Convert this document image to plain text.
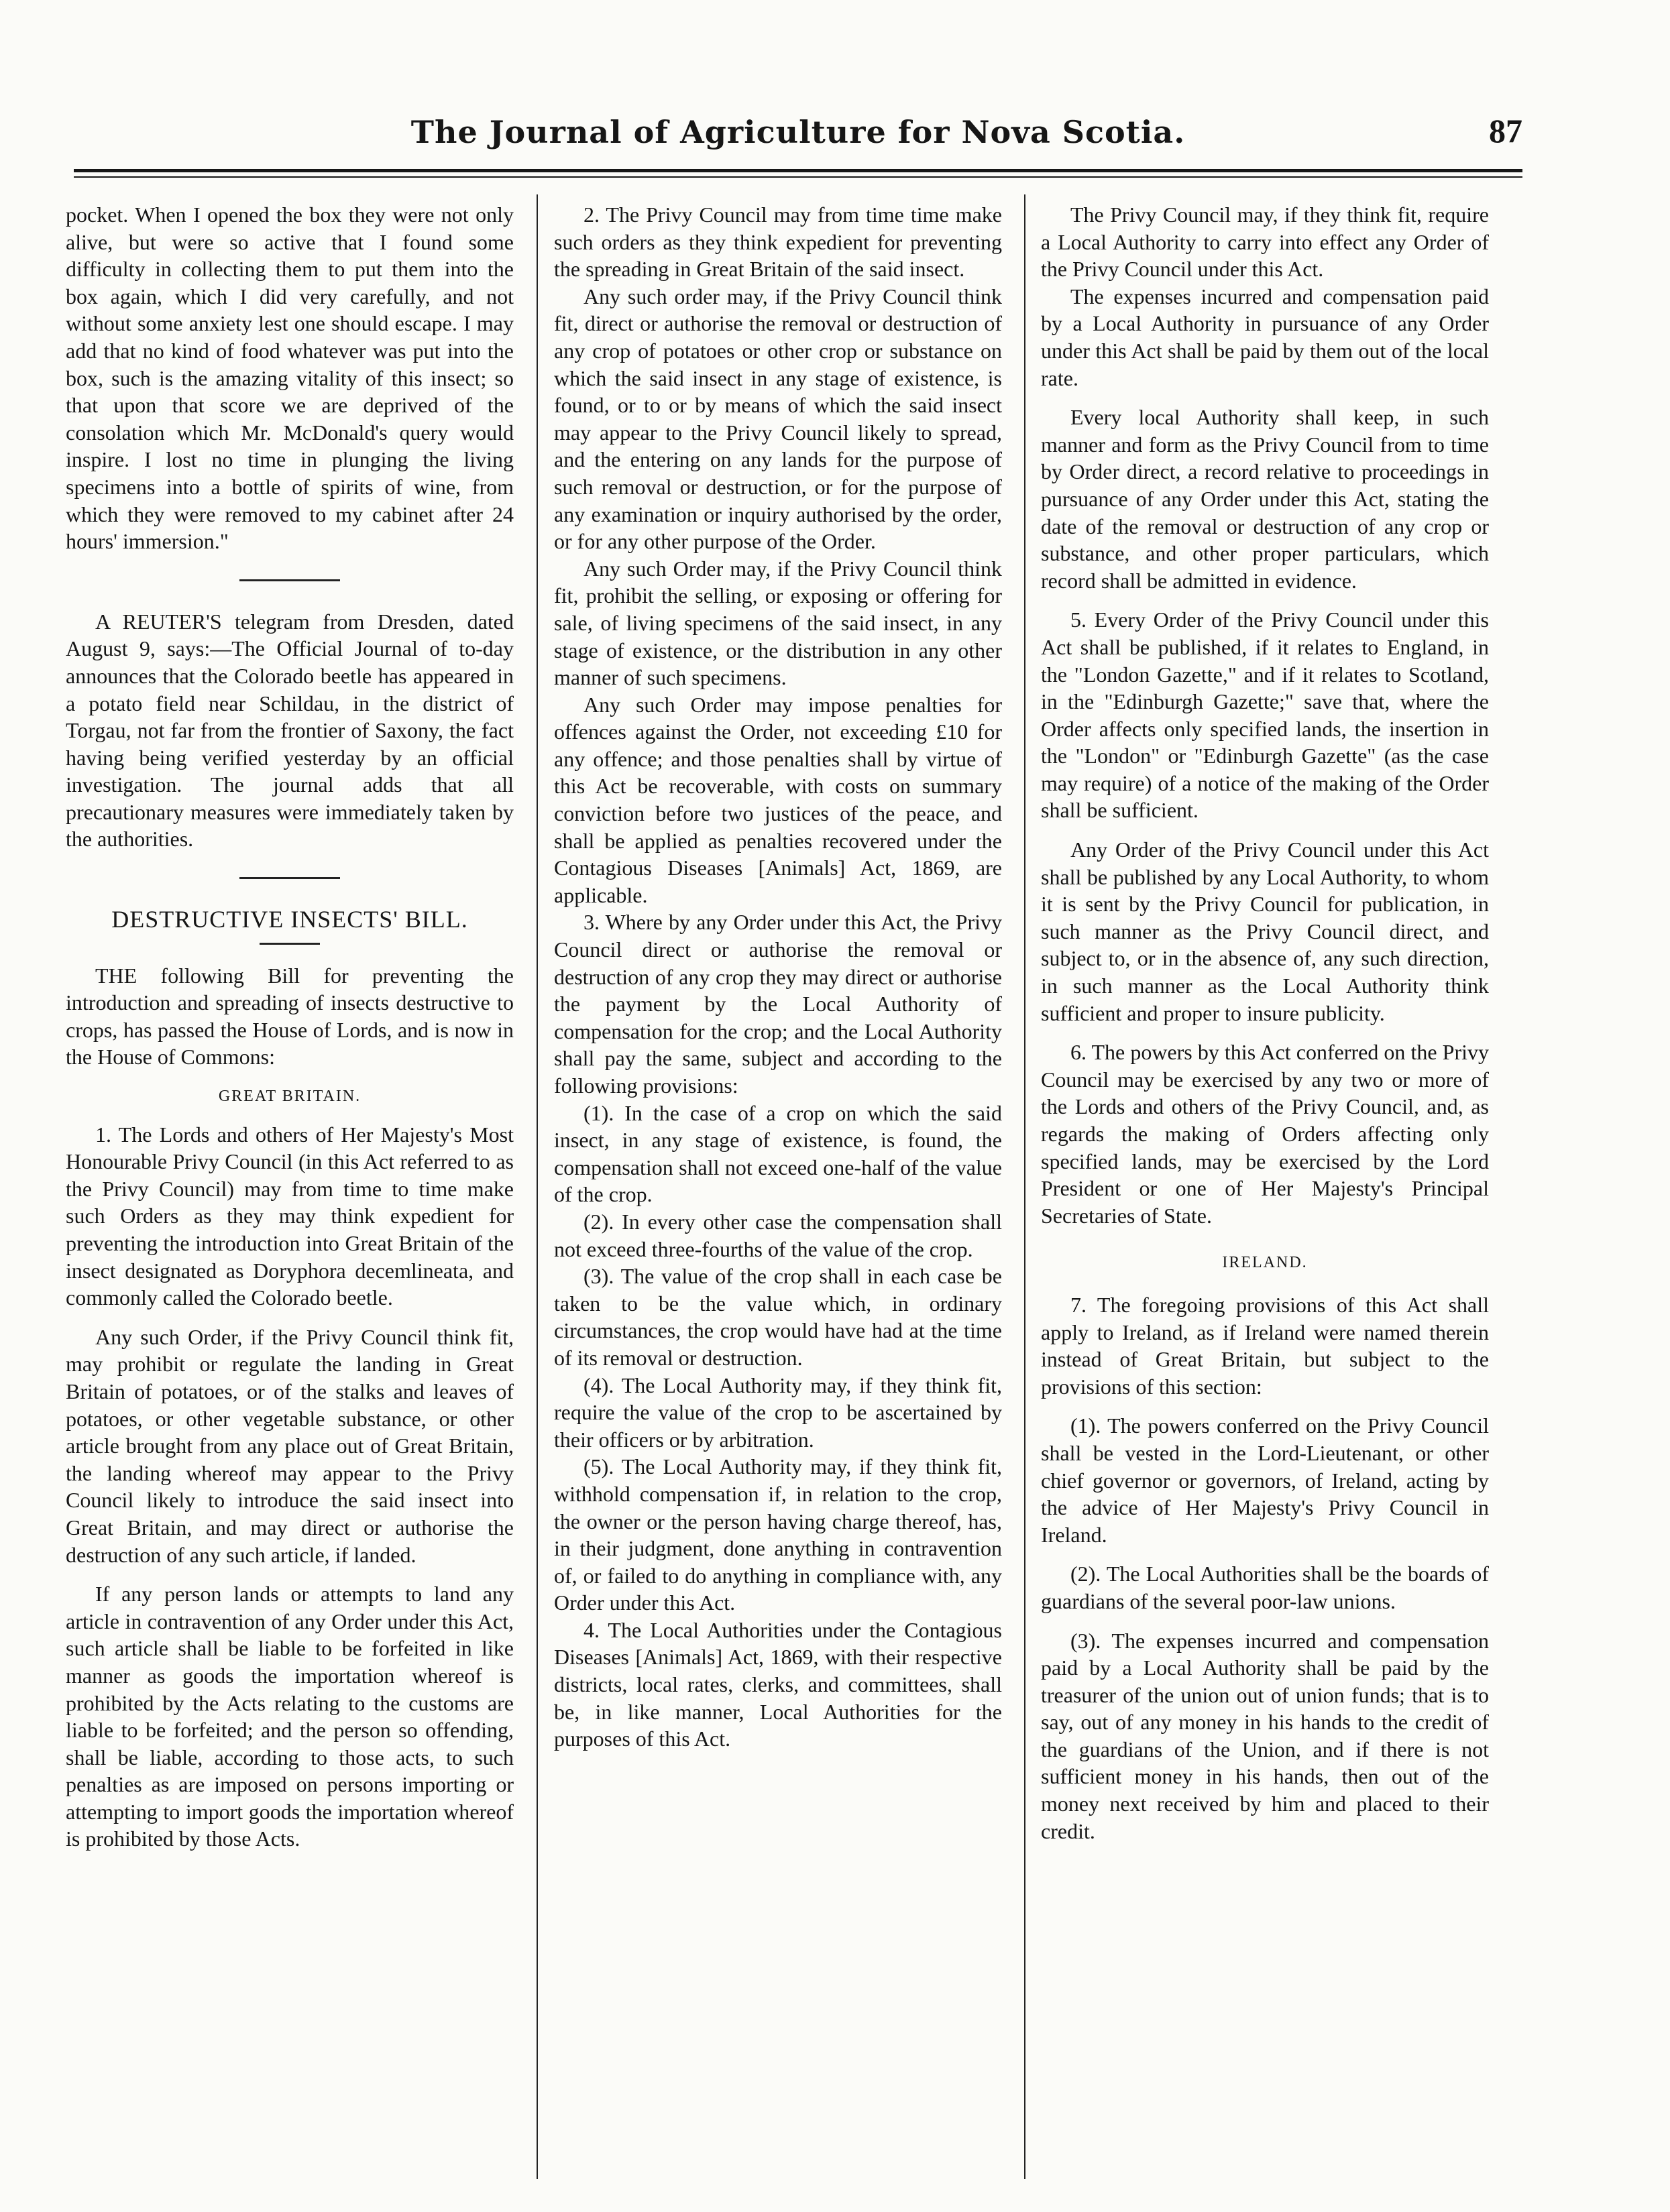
The Journal of Agriculture for Nova Scotia.	87

pocket. When I opened the box they were not only alive, but were so active that I found some difficulty in collecting them to put them into the box again, which I did very carefully, and not without some anxiety lest one should escape. I may add that no kind of food whatever was put into the box, such is the amazing vitality of this insect; so that upon that score we are deprived of the consolation which Mr. McDonald's query would inspire. I lost no time in plunging the living specimens into a bottle of spirits of wine, from which they were removed to my cabinet after 24 hours' immersion."

A REUTER'S telegram from Dresden, dated August 9, says:—The Official Journal of to-day announces that the Colorado beetle has appeared in a potato field near Schildau, in the district of Torgau, not far from the frontier of Saxony, the fact having being verified yesterday by an official investigation. The journal adds that all precautionary measures were immediately taken by the authorities.

DESTRUCTIVE INSECTS' BILL.

THE following Bill for preventing the introduction and spreading of insects destructive to crops, has passed the House of Lords, and is now in the House of Commons:

GREAT BRITAIN.

1. The Lords and others of Her Majesty's Most Honourable Privy Council (in this Act referred to as the Privy Council) may from time to time make such Orders as they may think expedient for preventing the introduction into Great Britain of the insect designated as Doryphora decemlineata, and commonly called the Colorado beetle.

Any such Order, if the Privy Council think fit, may prohibit or regulate the landing in Great Britain of potatoes, or of the stalks and leaves of potatoes, or other vegetable substance, or other article brought from any place out of Great Britain, the landing whereof may appear to the Privy Council likely to introduce the said insect into Great Britain, and may direct or authorise the destruction of any such article, if landed.

If any person lands or attempts to land any article in contravention of any Order under this Act, such article shall be liable to be forfeited in like manner as goods the importation whereof is prohibited by the Acts relating to the customs are liable to be forfeited; and the person so offending, shall be liable, according to those acts, to such penalties as are imposed on persons importing or attempting to import goods the importation whereof is prohibited by those Acts.

2. The Privy Council may from time time make such orders as they think expedient for preventing the spreading in Great Britain of the said insect.

Any such order may, if the Privy Council think fit, direct or authorise the removal or destruction of any crop of potatoes or other crop or substance on which the said insect in any stage of existence, is found, or to or by means of which the said insect may appear to the Privy Council likely to spread, and the entering on any lands for the purpose of such removal or destruction, or for the purpose of any examination or inquiry authorised by the order, or for any other purpose of the Order.

Any such Order may, if the Privy Council think fit, prohibit the selling, or exposing or offering for sale, of living specimens of the said insect, in any stage of existence, or the distribution in any other manner of such specimens.

Any such Order may impose penalties for offences against the Order, not exceeding £10 for any offence; and those penalties shall by virtue of this Act be recoverable, with costs on summary conviction before two justices of the peace, and shall be applied as penalties recovered under the Contagious Diseases [Animals] Act, 1869, are applicable.

3. Where by any Order under this Act, the Privy Council direct or authorise the removal or destruction of any crop they may direct or authorise the payment by the Local Authority of compensation for the crop; and the Local Authority shall pay the same, subject and according to the following provisions:

(1). In the case of a crop on which the said insect, in any stage of existence, is found, the compensation shall not exceed one-half of the value of the crop.

(2). In every other case the compensation shall not exceed three-fourths of the value of the crop.

(3). The value of the crop shall in each case be taken to be the value which, in ordinary circumstances, the crop would have had at the time of its removal or destruction.

(4). The Local Authority may, if they think fit, require the value of the crop to be ascertained by their officers or by arbitration.

(5). The Local Authority may, if they think fit, withhold compensation if, in relation to the crop, the owner or the person having charge thereof, has, in their judgment, done anything in contravention of, or failed to do anything in compliance with, any Order under this Act.

4. The Local Authorities under the Contagious Diseases [Animals] Act, 1869, with their respective districts, local rates, clerks, and committees, shall be, in like manner, Local Authorities for the purposes of this Act.

The Privy Council may, if they think fit, require a Local Authority to carry into effect any Order of the Privy Council under this Act.

The expenses incurred and compensation paid by a Local Authority in pursuance of any Order under this Act shall be paid by them out of the local rate.

Every local Authority shall keep, in such manner and form as the Privy Council from to time by Order direct, a record relative to proceedings in pursuance of any Order under this Act, stating the date of the removal or destruction of any crop or substance, and other proper particulars, which record shall be admitted in evidence.

5. Every Order of the Privy Council under this Act shall be published, if it relates to England, in the "London Gazette," and if it relates to Scotland, in the "Edinburgh Gazette;" save that, where the Order affects only specified lands, the insertion in the "London" or "Edinburgh Gazette" (as the case may require) of a notice of the making of the Order shall be sufficient.

Any Order of the Privy Council under this Act shall be published by any Local Authority, to whom it is sent by the Privy Council for publication, in such manner as the Privy Council direct, and subject to, or in the absence of, any such direction, in such manner as the Local Authority think sufficient and proper to insure publicity.

6. The powers by this Act conferred on the Privy Council may be exercised by any two or more of the Lords and others of the Privy Council, and, as regards the making of Orders affecting only specified lands, may be exercised by the Lord President or one of Her Majesty's Principal Secretaries of State.

IRELAND.

7. The foregoing provisions of this Act shall apply to Ireland, as if Ireland were named therein instead of Great Britain, but subject to the provisions of this section:

(1). The powers conferred on the Privy Council shall be vested in the Lord-Lieutenant, or other chief governor or governors, of Ireland, acting by the advice of Her Majesty's Privy Council in Ireland.

(2). The Local Authorities shall be the boards of guardians of the several poor-law unions.

(3). The expenses incurred and compensation paid by a Local Authority shall be paid by the treasurer of the union out of union funds; that is to say, out of any money in his hands to the credit of the guardians of the Union, and if there is not sufficient money in his hands, then out of the money next received by him and placed to their credit.
